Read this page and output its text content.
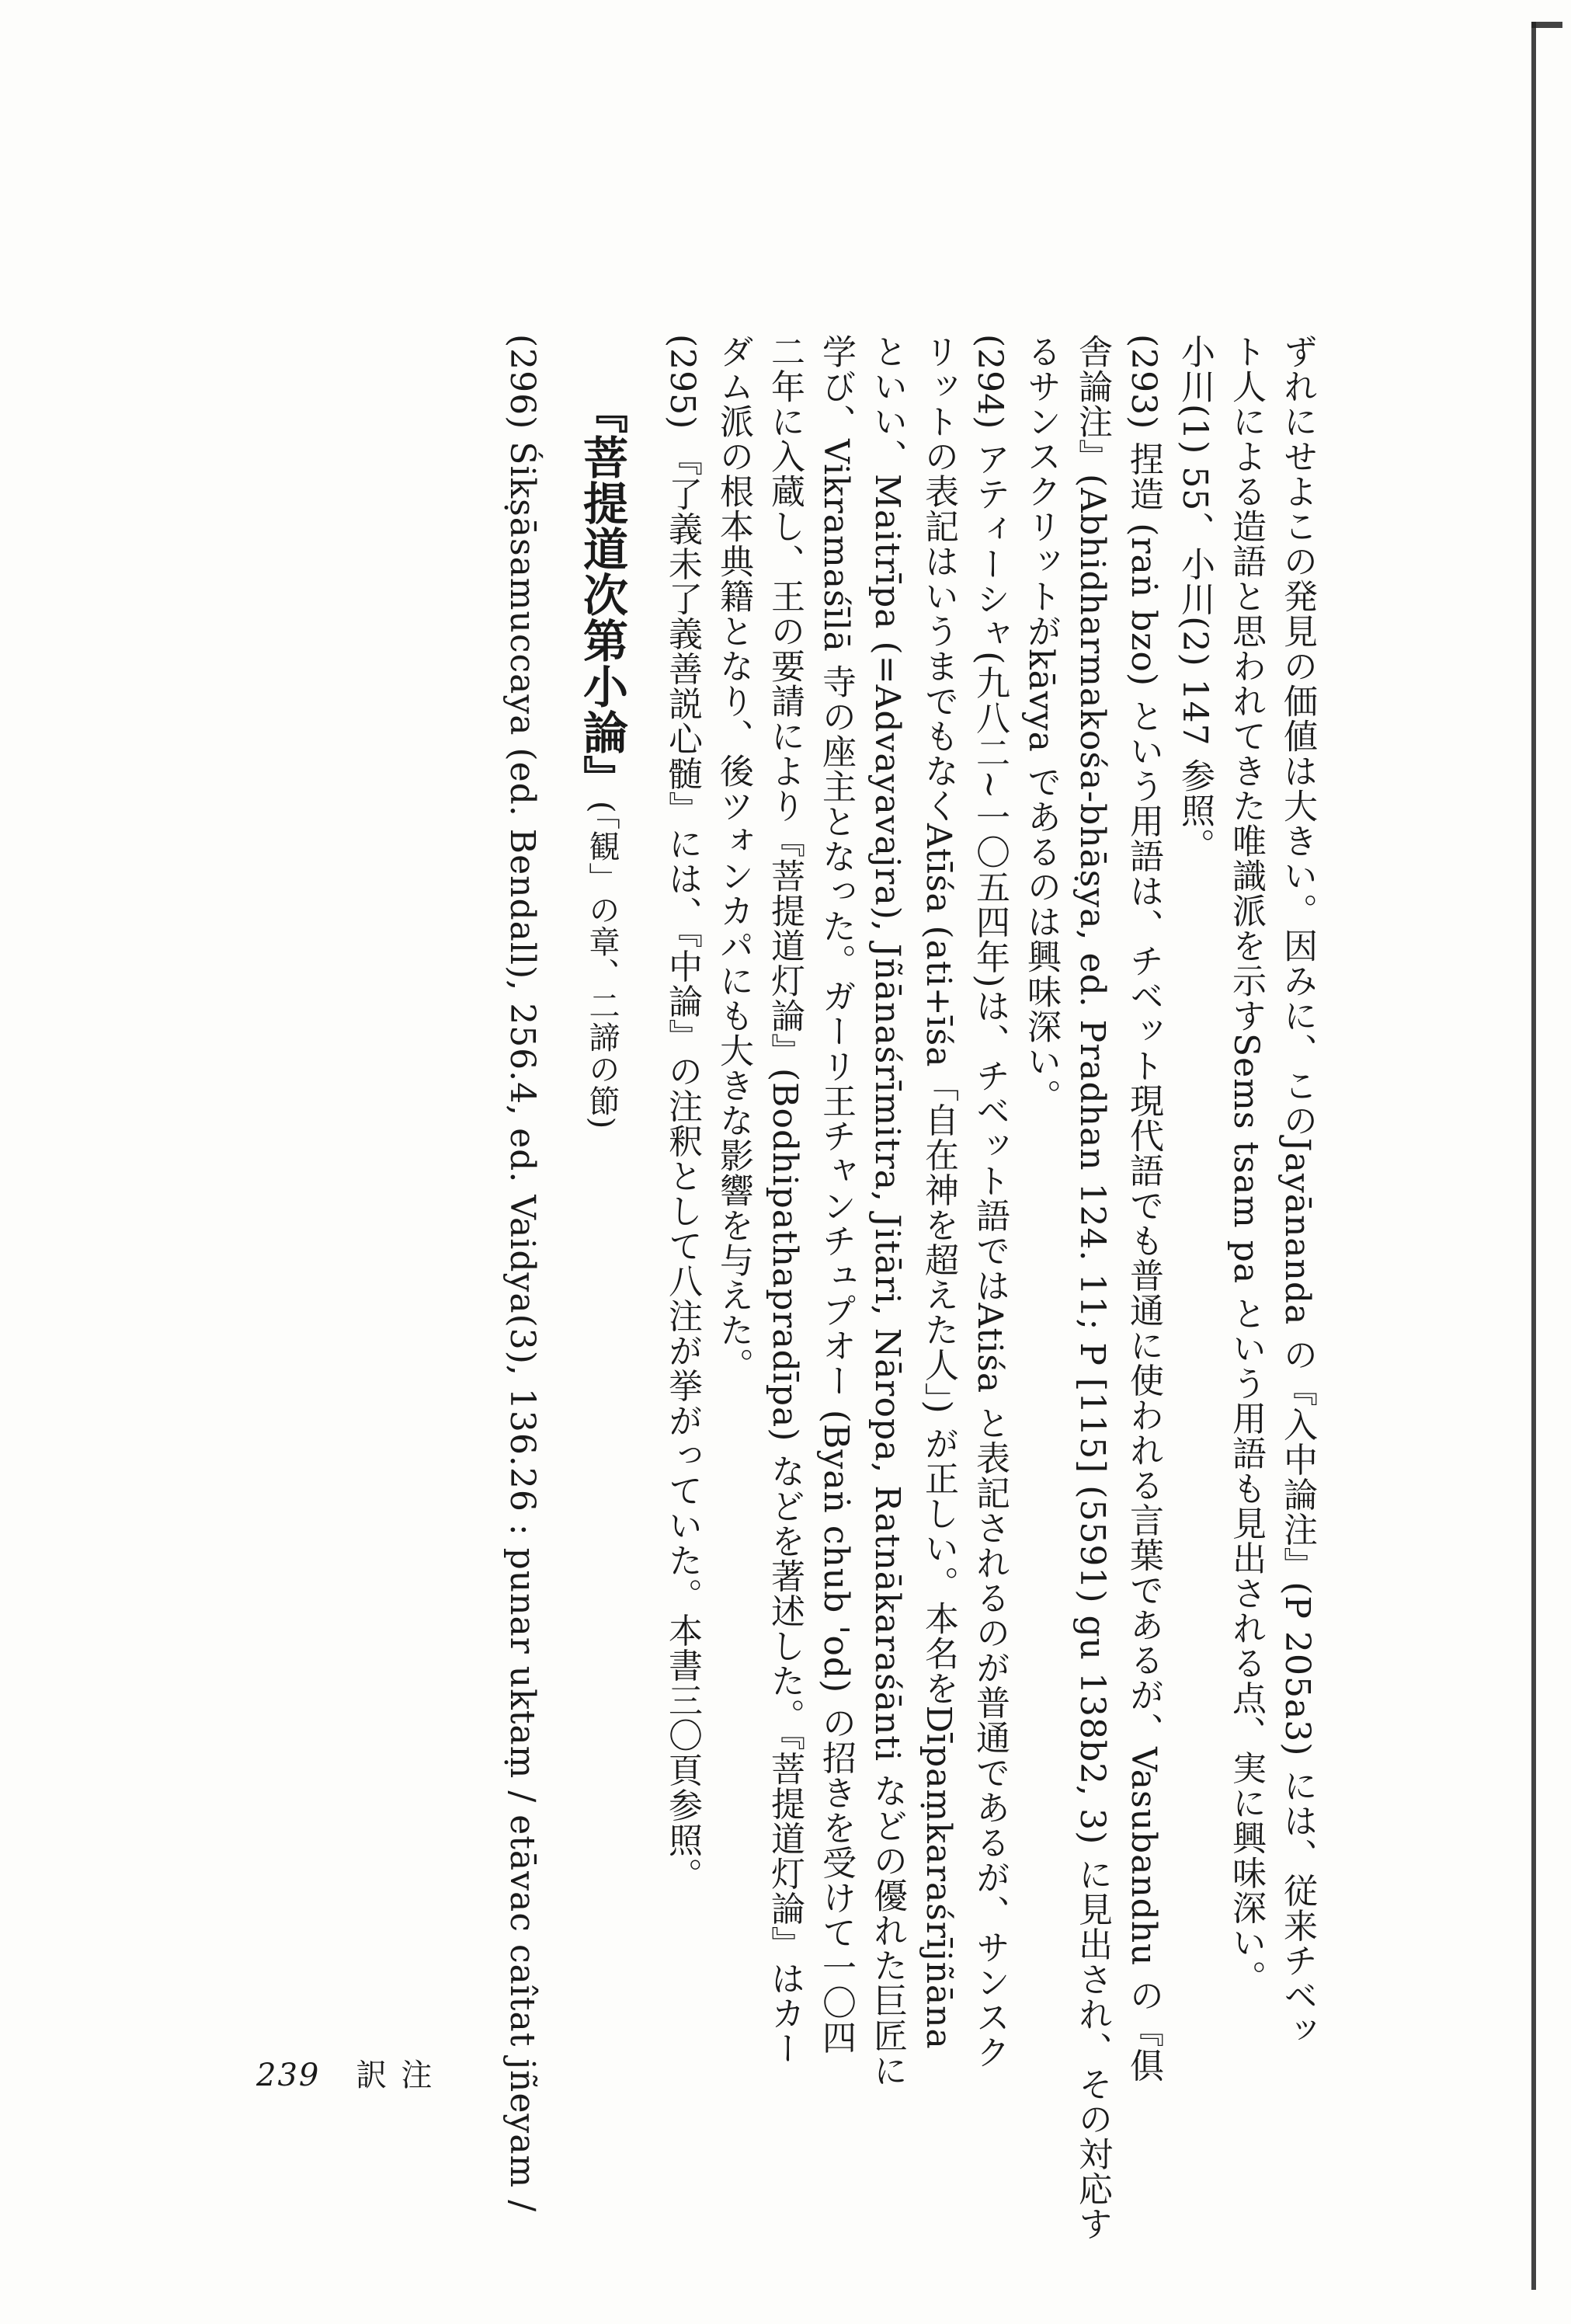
ずれにせよこの発見の価値は大きい。因みに、このJayānanda の『入中論注』(P 205a3) には、従来チベッ
ト人による造語と思われてきた唯識派を示すSems tsam pa という用語も見出される点、実に興味深い。
小川(1) 55、小川(2) 147 参照。
(293) 捏造 (raṅ bzo) という用語は、チベット現代語でも普通に使われる言葉であるが、Vasubandhu の『俱
舎論注』(Abhidharmakośa-bhāṣya, ed. Pradhan 124. 11; P [115] (5591) gu 138b2, 3) に見出され、その対応す
るサンスクリットがkāvya であるのは興味深い。
(294) アティーシャ(九八二~一〇五四年)は、チベット語ではAtiśa と表記されるのが普通であるが、サンスク
リットの表記はいうまでもなくAtīśa (ati+īśa「自在神を超えた人」) が正しい。本名をDīpaṃkaraśrījñāna
といい、Maitrīpa (=Advayavajra), Jñānaśrīmitra, Jitāri, Nāropa, Ratnākaraśānti などの優れた巨匠に
学び、Vikramaśīlā 寺の座主となった。ガーリ王チャンチュプオー (Byaṅ chub 'od) の招きを受けて一〇四
二年に入蔵し、王の要請により『菩提道灯論』(Bodhipathapradīpa) などを著述した。『菩提道灯論』はカー
ダム派の根本典籍となり、後ツォンカパにも大きな影響を与えた。
(295) 『了義未了義善説心髄』には、『中論』の注釈として八注が挙がっていた。本書三〇頁参照。
『菩提道次第小論』(「観」の章、二諦の節)
(296) Śikṣāsamuccaya (ed. Bendall), 256.4, ed. Vaidya(3), 136.26 : punar uktaṃ / etāvac caîtat jñeyam /
239 訳注
